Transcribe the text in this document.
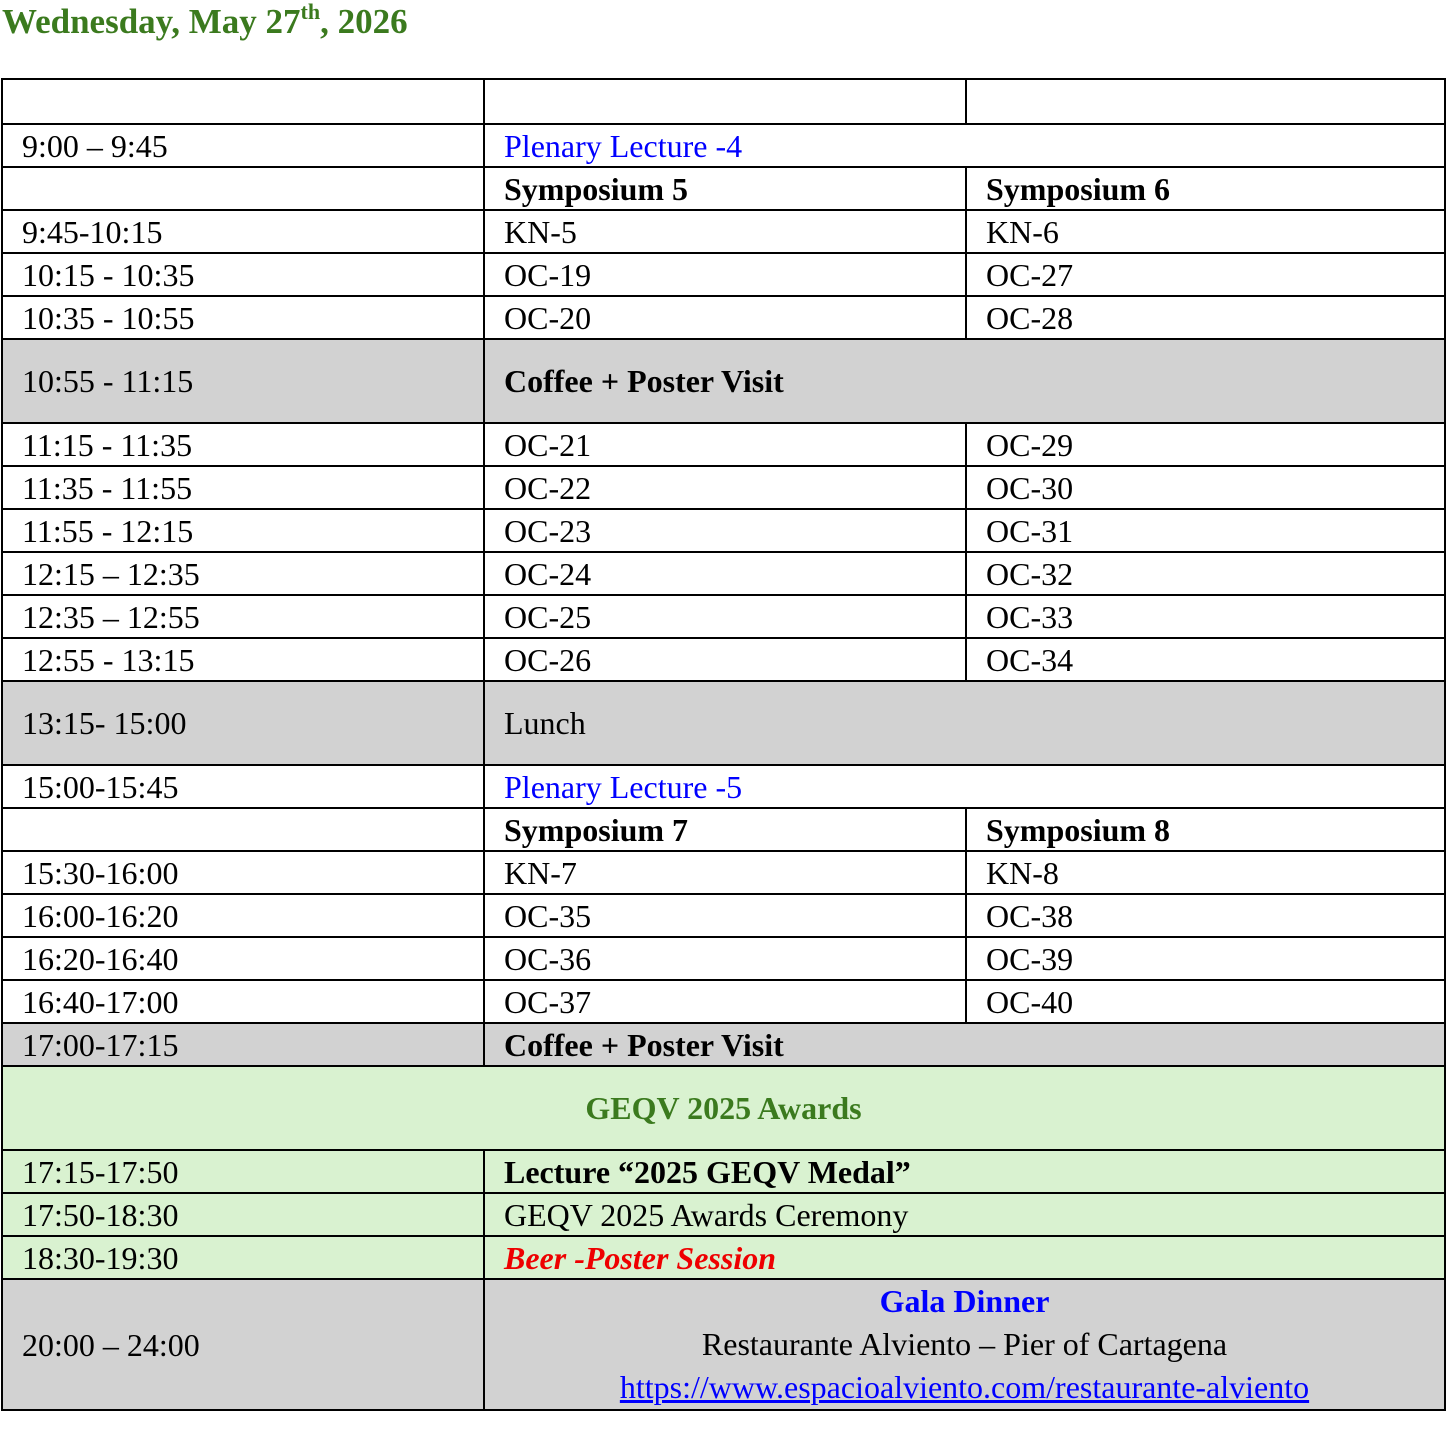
Wednesday, May 27th, 2026

9:00 – 9:45	Plenary Lecture -4	
	Symposium 5	Symposium 6
9:45-10:15	KN-5	KN-6
10:15 - 10:35	OC-19	OC-27
10:35 - 10:55	OC-20	OC-28
10:55 - 11:15	Coffee + Poster Visit	
11:15 - 11:35	OC-21	OC-29
11:35 - 11:55	OC-22	OC-30
11:55 - 12:15	OC-23	OC-31
12:15 – 12:35	OC-24	OC-32
12:35 – 12:55	OC-25	OC-33
12:55 - 13:15	OC-26	OC-34
13:15- 15:00	Lunch	
15:00-15:45	Plenary Lecture -5	
	Symposium 7	Symposium 8
15:30-16:00	KN-7	KN-8
16:00-16:20	OC-35	OC-38
16:20-16:40	OC-36	OC-39
16:40-17:00	OC-37	OC-40
17:00-17:15	Coffee + Poster Visit	
GEQV 2025 Awards		
17:15-17:50	Lecture “2025 GEQV Medal”	
17:50-18:30	GEQV 2025 Awards Ceremony	
18:30-19:30	Beer -Poster Session	
20:00 – 24:00	Gala Dinner
Restaurante Alviento – Pier of Cartagena
https://www.espacioalviento.com/restaurante-alviento	
